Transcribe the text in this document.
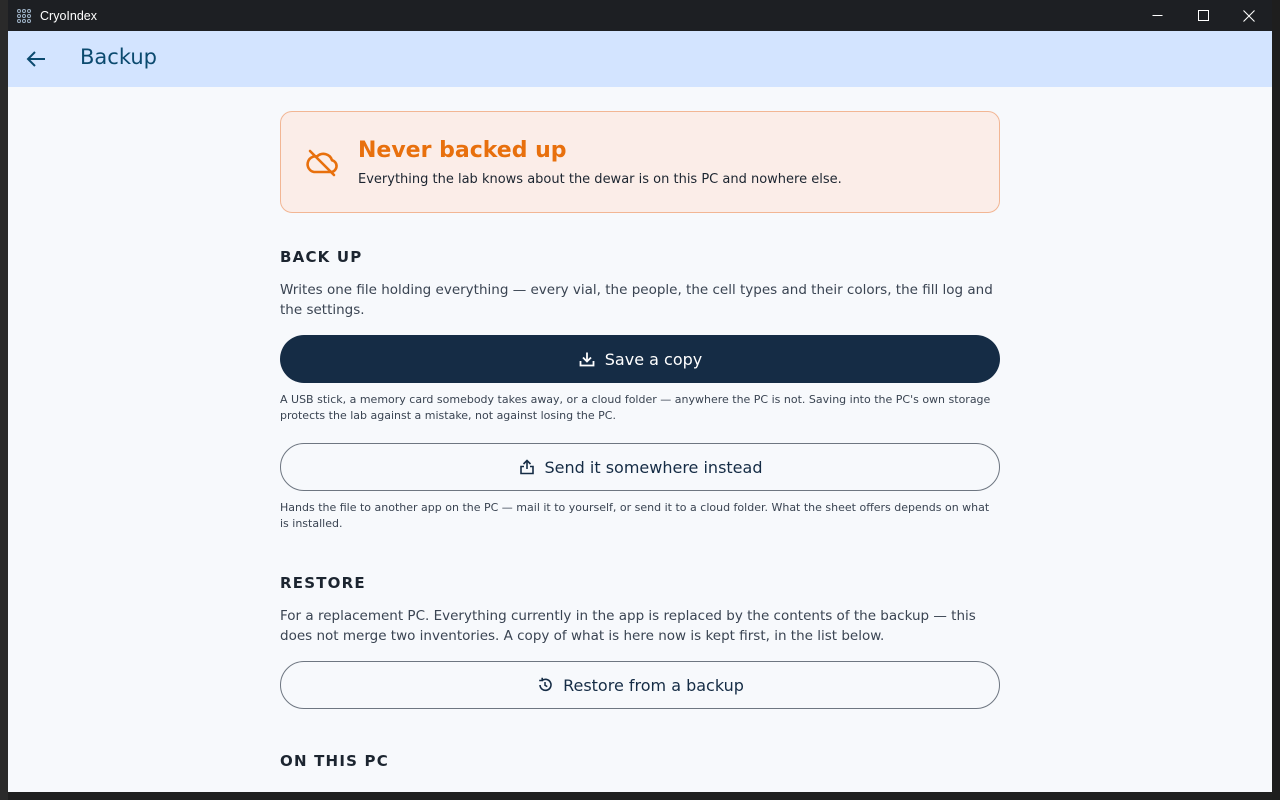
CryoIndex
Backup
Never backed up
Everything the lab knows about the dewar is on this PC and nowhere else.
BACK UP
Writes one file holding everything — every vial, the people, the cell types and their colors, the fill log and the settings.
Save a copy
A USB stick, a memory card somebody takes away, or a cloud folder — anywhere the PC is not. Saving into the PC's own storage protects the lab against a mistake, not against losing the PC.
Send it somewhere instead
Hands the file to another app on the PC — mail it to yourself, or send it to a cloud folder. What the sheet offers depends on what is installed.
RESTORE
For a replacement PC. Everything currently in the app is replaced by the contents of the backup — this does not merge two inventories. A copy of what is here now is kept first, in the list below.
Restore from a backup
ON THIS PC
